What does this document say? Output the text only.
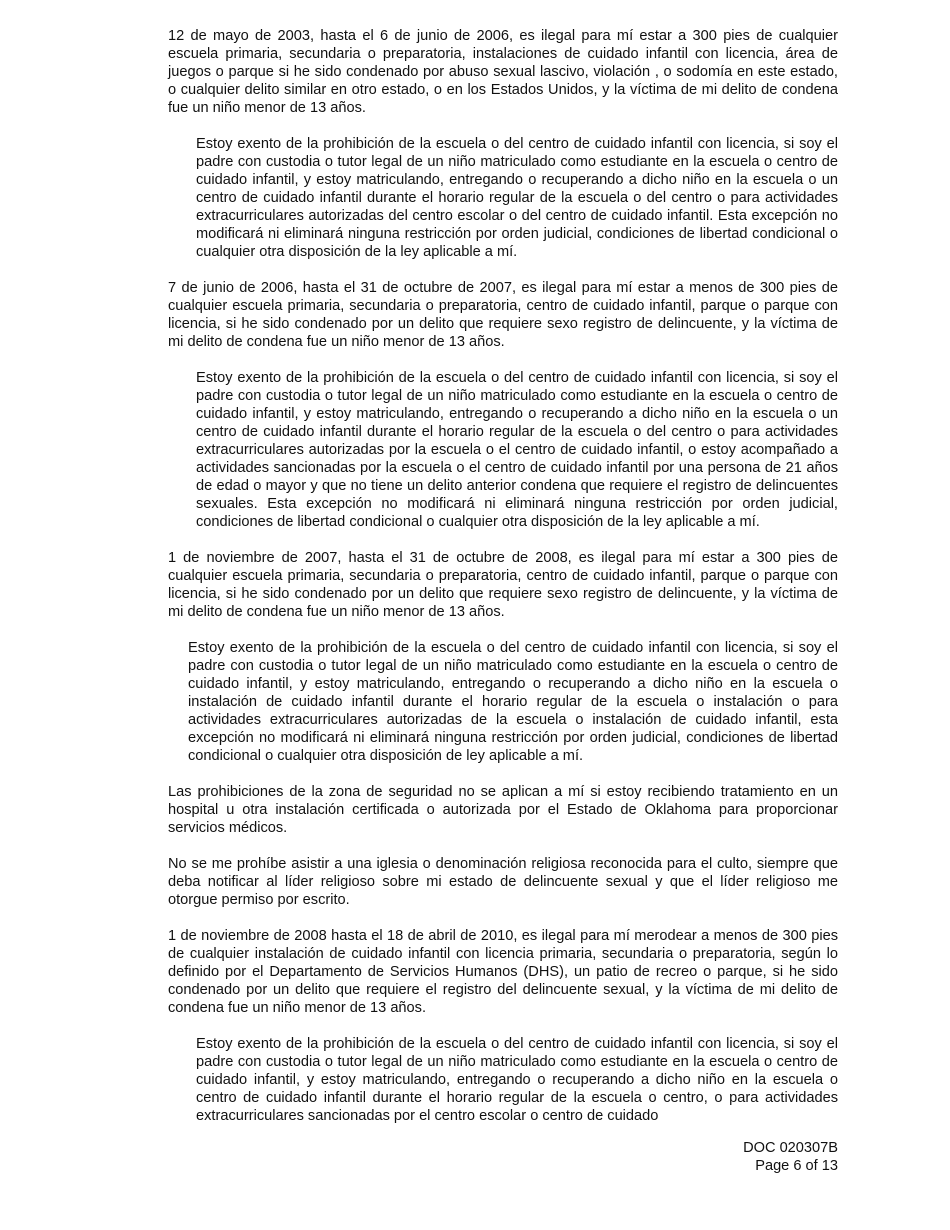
12 de mayo de 2003, hasta el 6 de junio de 2006, es ilegal para mí estar a 300 pies de cualquier escuela primaria, secundaria o preparatoria, instalaciones de cuidado infantil con licencia, área de juegos o parque si he sido condenado por abuso sexual lascivo, violación , o sodomía en este estado, o cualquier delito similar en otro estado, o en los Estados Unidos, y la víctima de mi delito de condena fue un niño menor de 13 años.

Estoy exento de la prohibición de la escuela o del centro de cuidado infantil con licencia, si soy el padre con custodia o tutor legal de un niño matriculado como estudiante en la escuela o centro de cuidado infantil, y estoy matriculando, entregando o recuperando a dicho niño en la escuela o un centro de cuidado infantil durante el horario regular de la escuela o del centro o para actividades extracurriculares autorizadas del centro escolar o del centro de cuidado infantil. Esta excepción no modificará ni eliminará ninguna restricción por orden judicial, condiciones de libertad condicional o cualquier otra disposición de la ley aplicable a mí.

7 de junio de 2006, hasta el 31 de octubre de 2007, es ilegal para mí estar a menos de 300 pies de cualquier escuela primaria, secundaria o preparatoria, centro de cuidado infantil, parque o parque con licencia, si he sido condenado por un delito que requiere sexo registro de delincuente, y la víctima de mi delito de condena fue un niño menor de 13 años.

Estoy exento de la prohibición de la escuela o del centro de cuidado infantil con licencia, si soy el padre con custodia o tutor legal de un niño matriculado como estudiante en la escuela o centro de cuidado infantil, y estoy matriculando, entregando o recuperando a dicho niño en la escuela o un centro de cuidado infantil durante el horario regular de la escuela o del centro o para actividades extracurriculares autorizadas por la escuela o el centro de cuidado infantil, o estoy acompañado a actividades sancionadas por la escuela o el centro de cuidado infantil por una persona de 21 años de edad o mayor y que no tiene un delito anterior condena que requiere el registro de delincuentes sexuales. Esta excepción no modificará ni eliminará ninguna restricción por orden judicial, condiciones de libertad condicional o cualquier otra disposición de la ley aplicable a mí.

1 de noviembre de 2007, hasta el 31 de octubre de 2008, es ilegal para mí estar a 300 pies de cualquier escuela primaria, secundaria o preparatoria, centro de cuidado infantil, parque o parque con licencia, si he sido condenado por un delito que requiere sexo registro de delincuente, y la víctima de mi delito de condena fue un niño menor de 13 años.

Estoy exento de la prohibición de la escuela o del centro de cuidado infantil con licencia, si soy el padre con custodia o tutor legal de un niño matriculado como estudiante en la escuela o centro de cuidado infantil, y estoy matriculando, entregando o recuperando a dicho niño en la escuela o instalación de cuidado infantil durante el horario regular de la escuela o instalación o para actividades extracurriculares autorizadas de la escuela o instalación de cuidado infantil, esta excepción no modificará ni eliminará ninguna restricción por orden judicial, condiciones de libertad condicional o cualquier otra disposición de ley aplicable a mí.

Las prohibiciones de la zona de seguridad no se aplican a mí si estoy recibiendo tratamiento en un hospital u otra instalación certificada o autorizada por el Estado de Oklahoma para proporcionar servicios médicos.

No se me prohíbe asistir a una iglesia o denominación religiosa reconocida para el culto, siempre que deba notificar al líder religioso sobre mi estado de delincuente sexual y que el líder religioso me otorgue permiso por escrito.

1 de noviembre de 2008 hasta el 18 de abril de 2010, es ilegal para mí merodear a menos de 300 pies de cualquier instalación de cuidado infantil con licencia primaria, secundaria o preparatoria, según lo definido por el Departamento de Servicios Humanos (DHS), un patio de recreo o parque, si he sido condenado por un delito que requiere el registro del delincuente sexual, y la víctima de mi delito de condena fue un niño menor de 13 años.

Estoy exento de la prohibición de la escuela o del centro de cuidado infantil con licencia, si soy el padre con custodia o tutor legal de un niño matriculado como estudiante en la escuela o centro de cuidado infantil, y estoy matriculando, entregando o recuperando a dicho niño en la escuela o centro de cuidado infantil durante el horario regular de la escuela o centro, o para actividades extracurriculares sancionadas por el centro escolar o centro de cuidado

DOC 020307B
Page 6 of 13
